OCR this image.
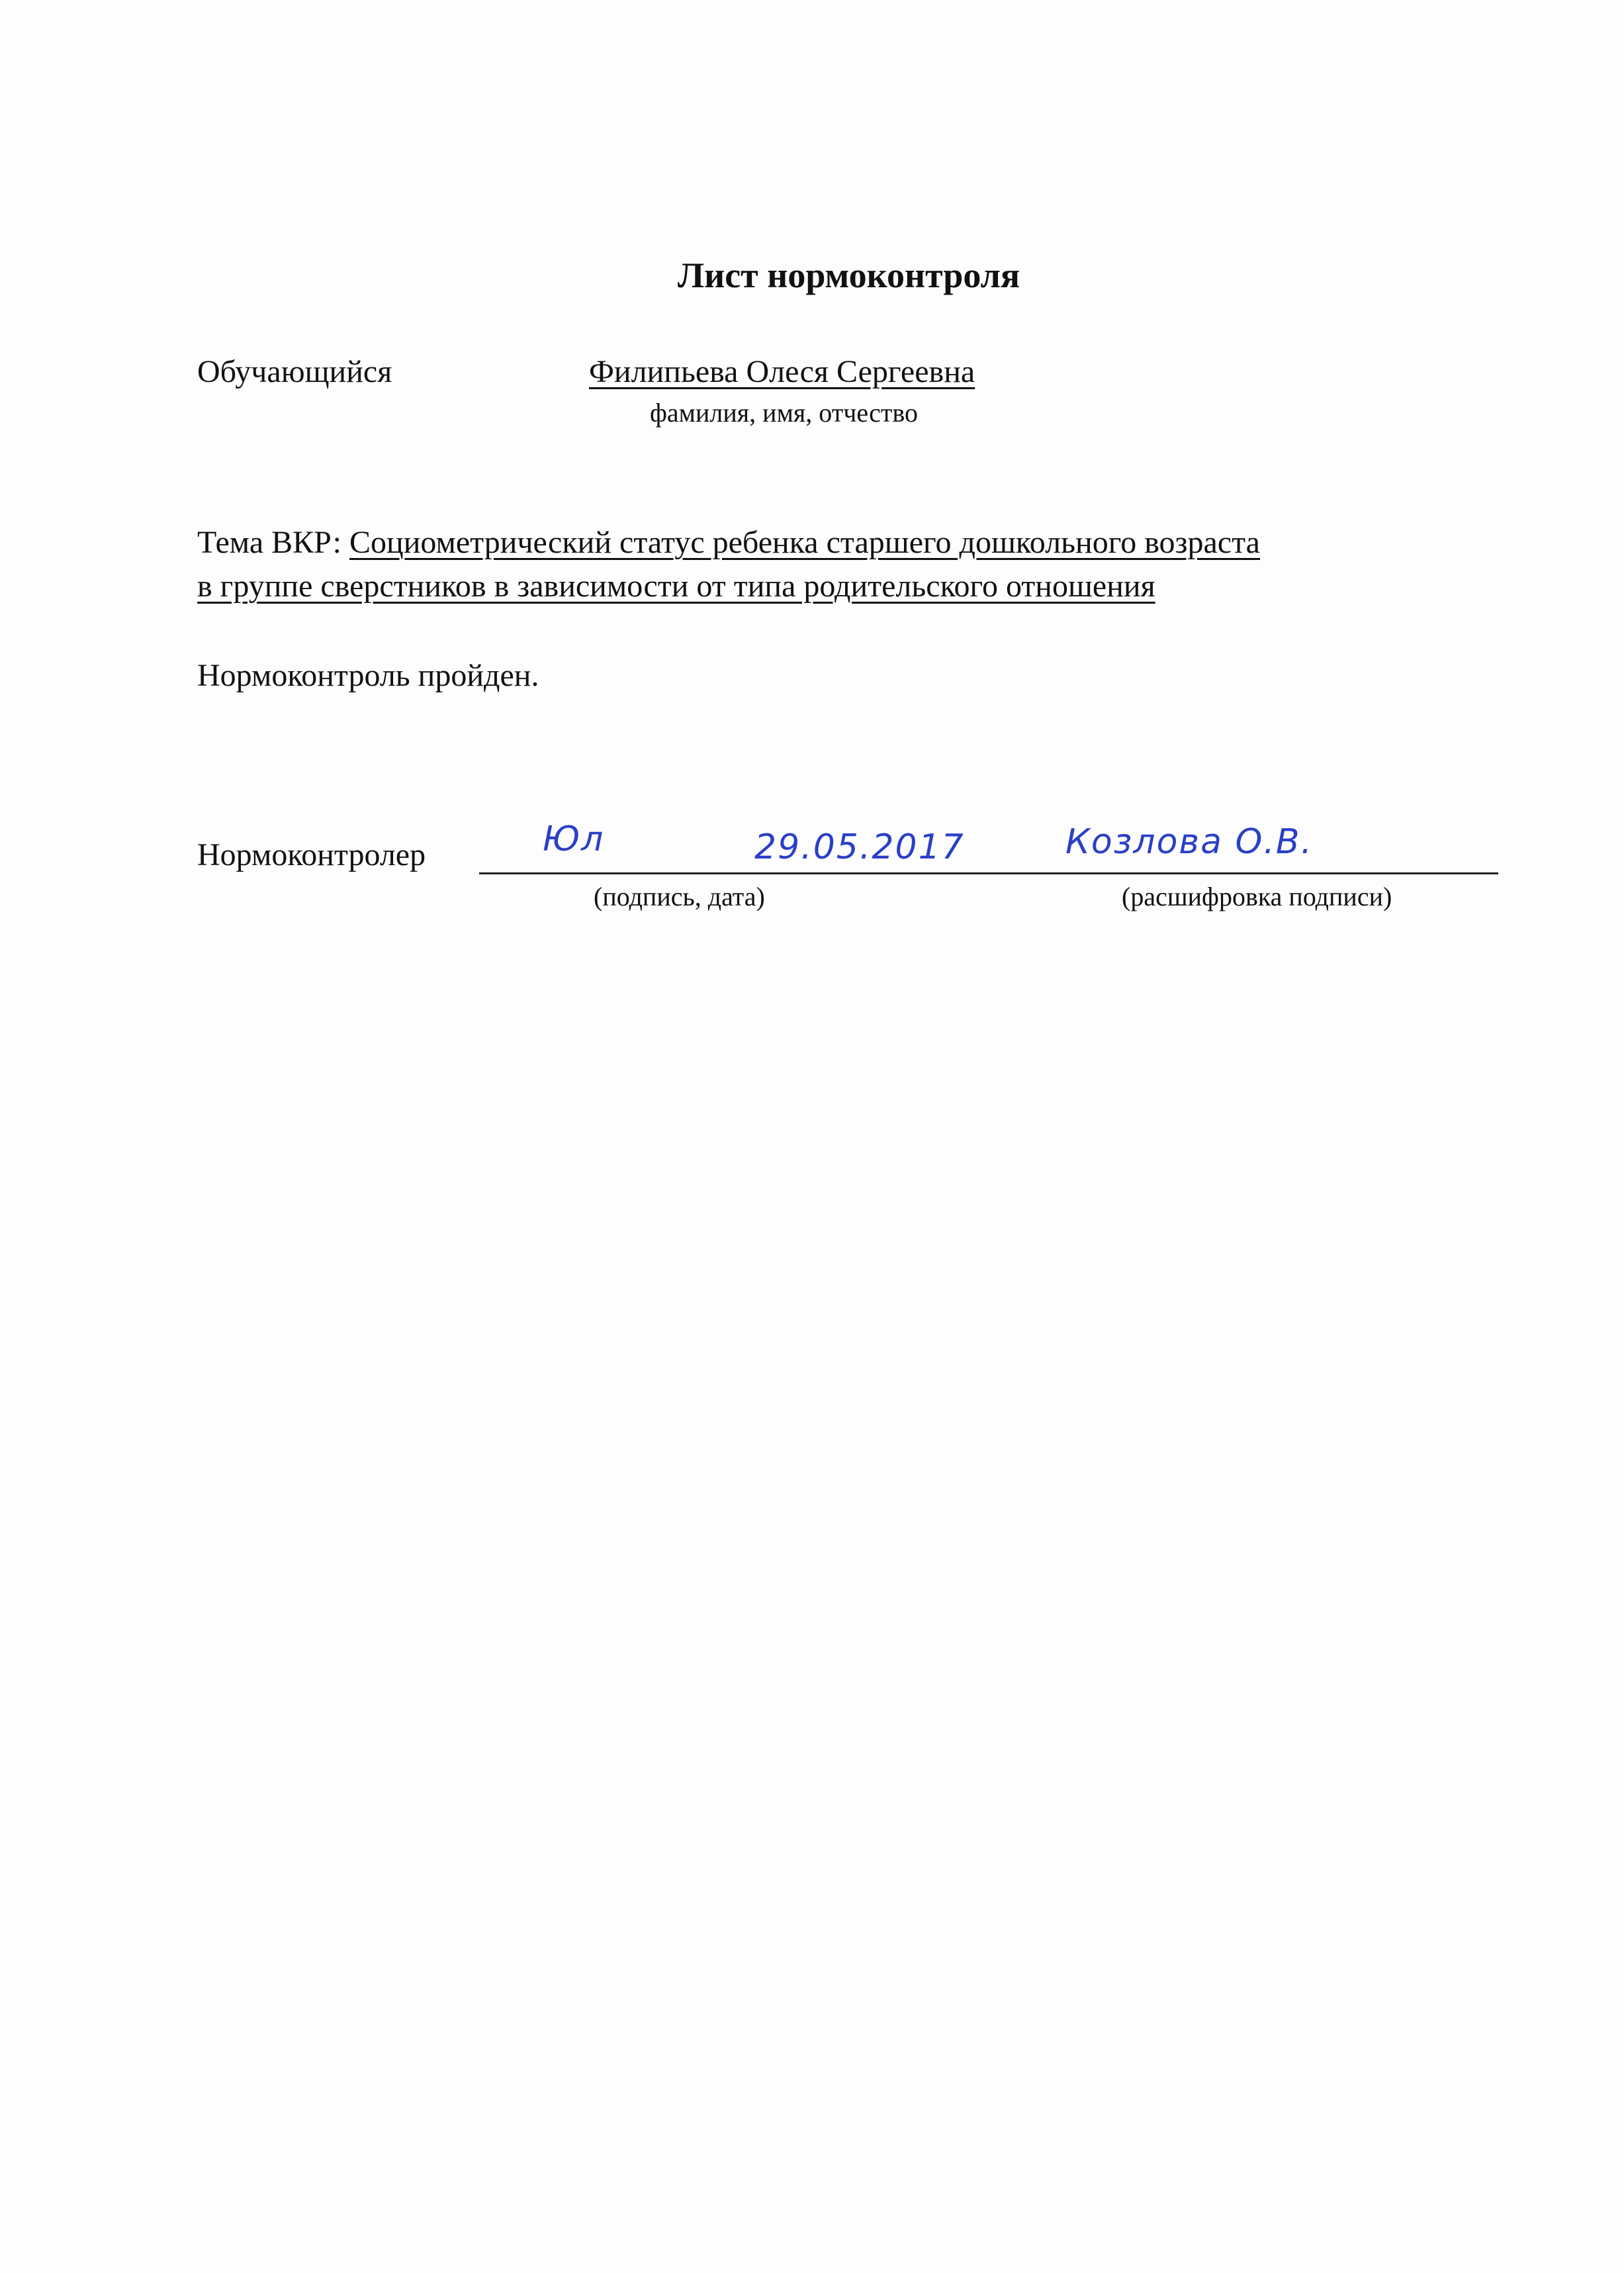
Лист нормоконтроля
Обучающийся	Филипьева Олеся Сергеевна
фамилия, имя, отчество
Тема ВКР: Социометрический статус ребенка старшего дошкольного возраста
в группе сверстников в зависимости от типа родительского отношения
Нормоконтроль пройден.
Нормоконтролер	Юл	29.05.2017	Козлова О.В.
(подпись, дата)	(расшифровка подписи)
